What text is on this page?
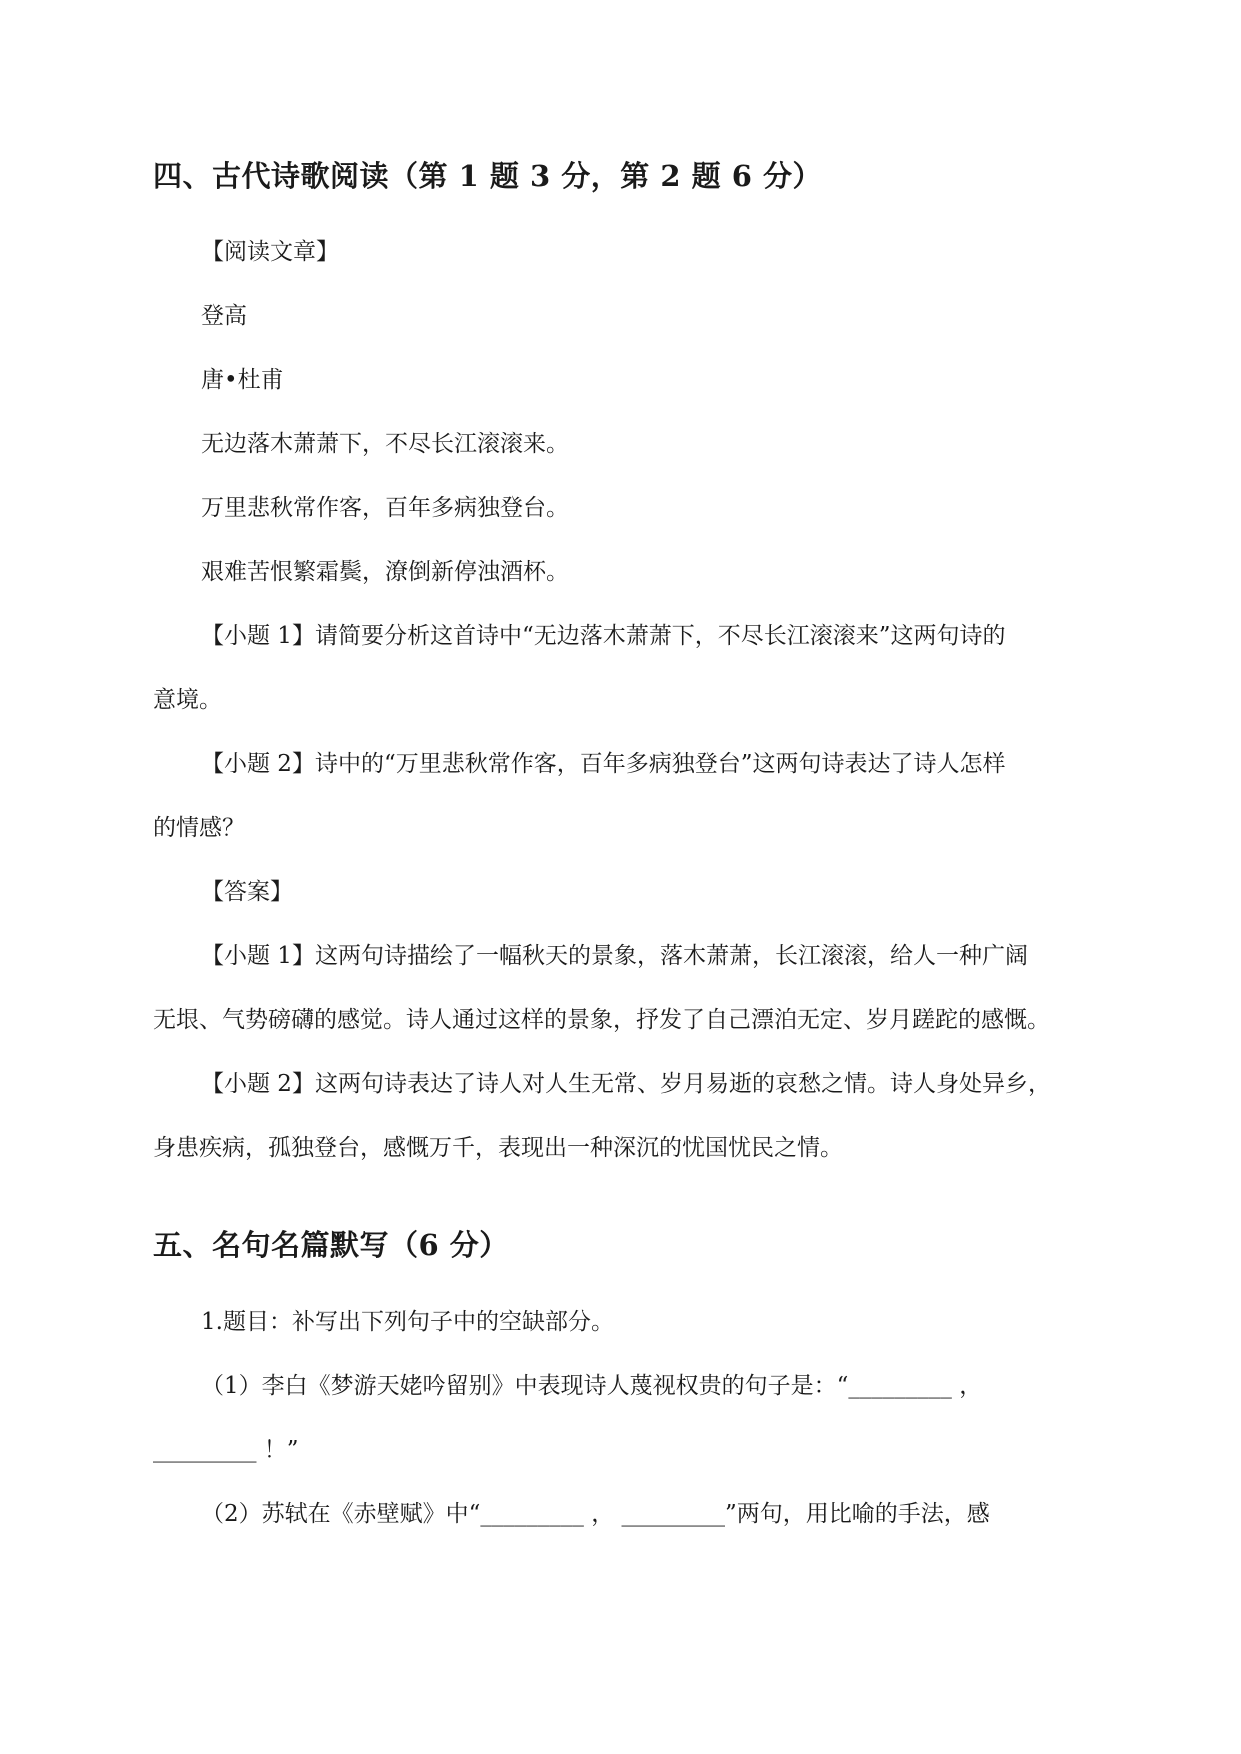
四、古代诗歌阅读（第 1 题 3 分，第 2 题 6 分）
【阅读文章】
登高
唐•杜甫
无边落木萧萧下，不尽长江滚滚来。
万里悲秋常作客，百年多病独登台。
艰难苦恨繁霜鬓，潦倒新停浊酒杯。
【小题 1】请简要分析这首诗中“无边落木萧萧下，不尽长江滚滚来”这两句诗的
意境。
【小题 2】诗中的“万里悲秋常作客，百年多病独登台”这两句诗表达了诗人怎样
的情感？
【答案】
【小题 1】这两句诗描绘了一幅秋天的景象，落木萧萧，长江滚滚，给人一种广阔
无垠、气势磅礴的感觉。诗人通过这样的景象，抒发了自己漂泊无定、岁月蹉跎的感慨。
【小题 2】这两句诗表达了诗人对人生无常、岁月易逝的哀愁之情。诗人身处异乡，
身患疾病，孤独登台，感慨万千，表现出一种深沉的忧国忧民之情。
五、名句名篇默写（6 分）
1.题目：补写出下列句子中的空缺部分。
（1）李白《梦游天姥吟留别》中表现诗人蔑视权贵的句子是：“_________ ，
_________ ！”
（2）苏轼在《赤壁赋》中“_________ ， _________”两句，用比喻的手法，感
